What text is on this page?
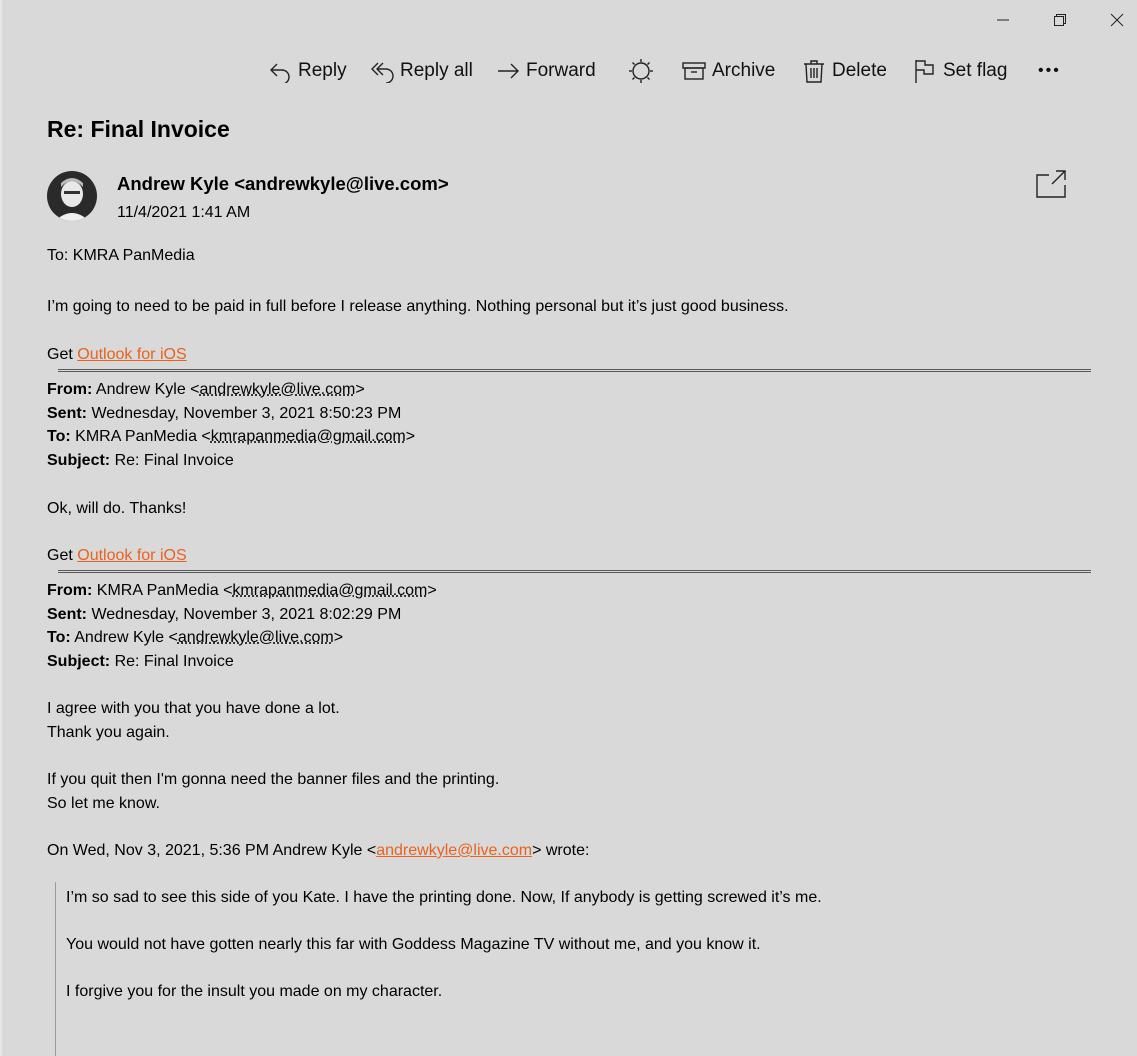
Reply	Reply all	Forward	Archive	Delete	Set flag •••
Re: Final Invoice
Andrew Kyle <andrewkyle@live.com>
11/4/2021 1:41 AM
To: KMRA PanMedia
I’m going to need to be paid in full before I release anything. Nothing personal but it’s just good business.
Get Outlook for iOS
From: Andrew Kyle <andrewkyle@live.com>
Sent: Wednesday, November 3, 2021 8:50:23 PM
To: KMRA PanMedia <kmrapanmedia@gmail.com>
Subject: Re: Final Invoice
Ok, will do. Thanks!
Get Outlook for iOS
From: KMRA PanMedia <kmrapanmedia@gmail.com>
Sent: Wednesday, November 3, 2021 8:02:29 PM
To: Andrew Kyle <andrewkyle@live.com>
Subject: Re: Final Invoice
I agree with you that you have done a lot.
Thank you again.
If you quit then I'm gonna need the banner files and the printing.
So let me know.
On Wed, Nov 3, 2021, 5:36 PM Andrew Kyle <andrewkyle@live.com> wrote:
I’m so sad to see this side of you Kate. I have the printing done. Now, If anybody is getting screwed it’s me.
You would not have gotten nearly this far with Goddess Magazine TV without me, and you know it.
I forgive you for the insult you made on my character.
